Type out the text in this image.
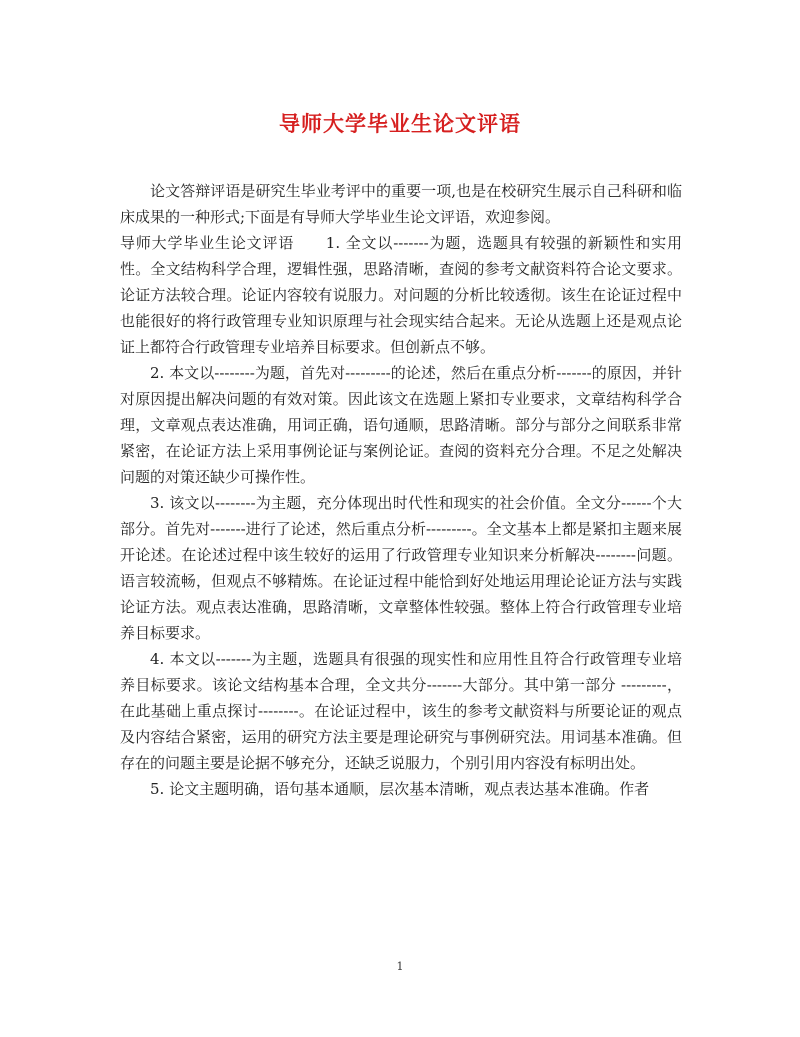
导师大学毕业生论文评语

论文答辩评语是研究生毕业考评中的重要一项,也是在校研究生展示自己科研和临床成果的一种形式;下面是有导师大学毕业生论文评语，欢迎参阅。

导师大学毕业生论文评语　　1. 全文以-------为题，选题具有较强的新颖性和实用性。全文结构科学合理，逻辑性强，思路清晰，查阅的参考文献资料符合论文要求。论证方法较合理。论证内容较有说服力。对问题的分析比较透彻。该生在论证过程中也能很好的将行政管理专业知识原理与社会现实结合起来。无论从选题上还是观点论证上都符合行政管理专业培养目标要求。但创新点不够。

2. 本文以--------为题，首先对---------的论述，然后在重点分析-------的原因，并针对原因提出解决问题的有效对策。因此该文在选题上紧扣专业要求，文章结构科学合理，文章观点表达准确，用词正确，语句通顺，思路清晰。部分与部分之间联系非常紧密，在论证方法上采用事例论证与案例论证。查阅的资料充分合理。不足之处解决问题的对策还缺少可操作性。

3. 该文以--------为主题，充分体现出时代性和现实的社会价值。全文分------个大部分。首先对-------进行了论述，然后重点分析---------。全文基本上都是紧扣主题来展开论述。在论述过程中该生较好的运用了行政管理专业知识来分析解决--------问题。语言较流畅，但观点不够精炼。在论证过程中能恰到好处地运用理论论证方法与实践论证方法。观点表达准确，思路清晰，文章整体性较强。整体上符合行政管理专业培养目标要求。

4. 本文以-------为主题，选题具有很强的现实性和应用性且符合行政管理专业培养目标要求。该论文结构基本合理，全文共分-------大部分。其中第一部分 ---------，在此基础上重点探讨--------。在论证过程中，该生的参考文献资料与所要论证的观点及内容结合紧密，运用的研究方法主要是理论研究与事例研究法。用词基本准确。但存在的问题主要是论据不够充分，还缺乏说服力，个别引用内容没有标明出处。

5. 论文主题明确，语句基本通顺，层次基本清晰，观点表达基本准确。作者

1
